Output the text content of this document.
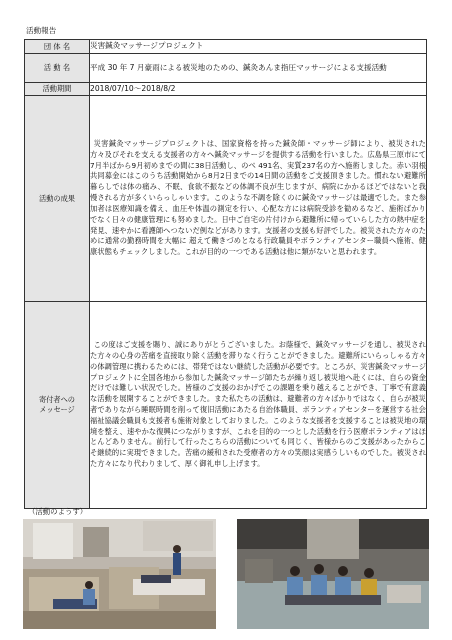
活動報告
団 体 名	災害鍼灸マッサージプロジェクト
活 動 名	平成 30 年 7 月豪雨による被災地のための、鍼灸あんま指圧マッサージによる支援活動
活動期間	2018/07/10～2018/8/2
活動の成果	災害鍼灸マッサージプロジェクトは、国家資格を持った鍼灸師・マッサージ師により、被災された方々及びそれを支える支援者の方々へ鍼灸マッサージを提供する活動を行いました。広島県三原市にて7月半ばから9月初めまでの間に38日活動し、のべ 491名、実質237名の方へ施術しました。赤い羽根共同募金にはこのうち活動開始から8月2日までの14日間の活動をご支援頂きました。慣れない避難所暮らしでは体の痛み、不眠、食欲不振などの体調不良が生じますが、病院にかかるほどではないと我慢される方が多くいらっしゃいます。このような不調を除くのに鍼灸マッサージは最適でした。また参加者は医療知識を備え、血圧や体温の測定を行い、心配な方には病院受診を勧めるなど、施術ばかりでなく日々の健康管理にも努めました。日中ご自宅の片付けから避難所に帰っていらした方の熱中症を発見、速やかに看護師へつないだ例などがあります。支援者の支援も好評でした。被災された方々のために通常の勤務時間を大幅に 超えて働きづめとなる行政職員やボランティアセンター職員へ施術、健康状態もチェックしました。これが目的の一つである活動は他に類がないと思われます。

寄付者への
メッセージ	この度はご支援を賜り、誠にありがとうございました。お蔭様で、鍼灸マッサージを通し、被災された方々の心身の苦痛を直接取り除く活動を滞りなく行うことができました。避難所にいらっしゃる方々の体調管理に携わるためには、帯発ではない継続した活動が必要です。ところが、災害鍼灸マッサージプロジェクトに全国各地から参加した鍼灸マッサージ師たちが繰り返し被災地へ赴くには、自らの資金だけでは難しい状況でした。皆様のご支援のおかげでこの課題を乗り越えることができ、丁寧で有意義な活動を展開することができました。また私たちの活動は、避難者の方々ばかりではなく、自らが被災者でありながら睡眠時間を削って復旧活動にあたる自治体職員、ボランティアセンターを運営する社会福祉協議会職員も支援者も施術対象としておりました。このような支援者を支援することは被災地の環境を整え、速やかな復興につながりますが、これを目的の一つとした活動を行う医療ボランティアはほとんどありません。前行して行ったこちらの活動についても同じく、皆様からのご支援があったからこそ継続的に実現できました。苦痛の緩和された受療者の方々の笑顔は実感うしいものでした。被災された方々になり代わりまして、厚く御礼申し上げます。

（活動のようす）
